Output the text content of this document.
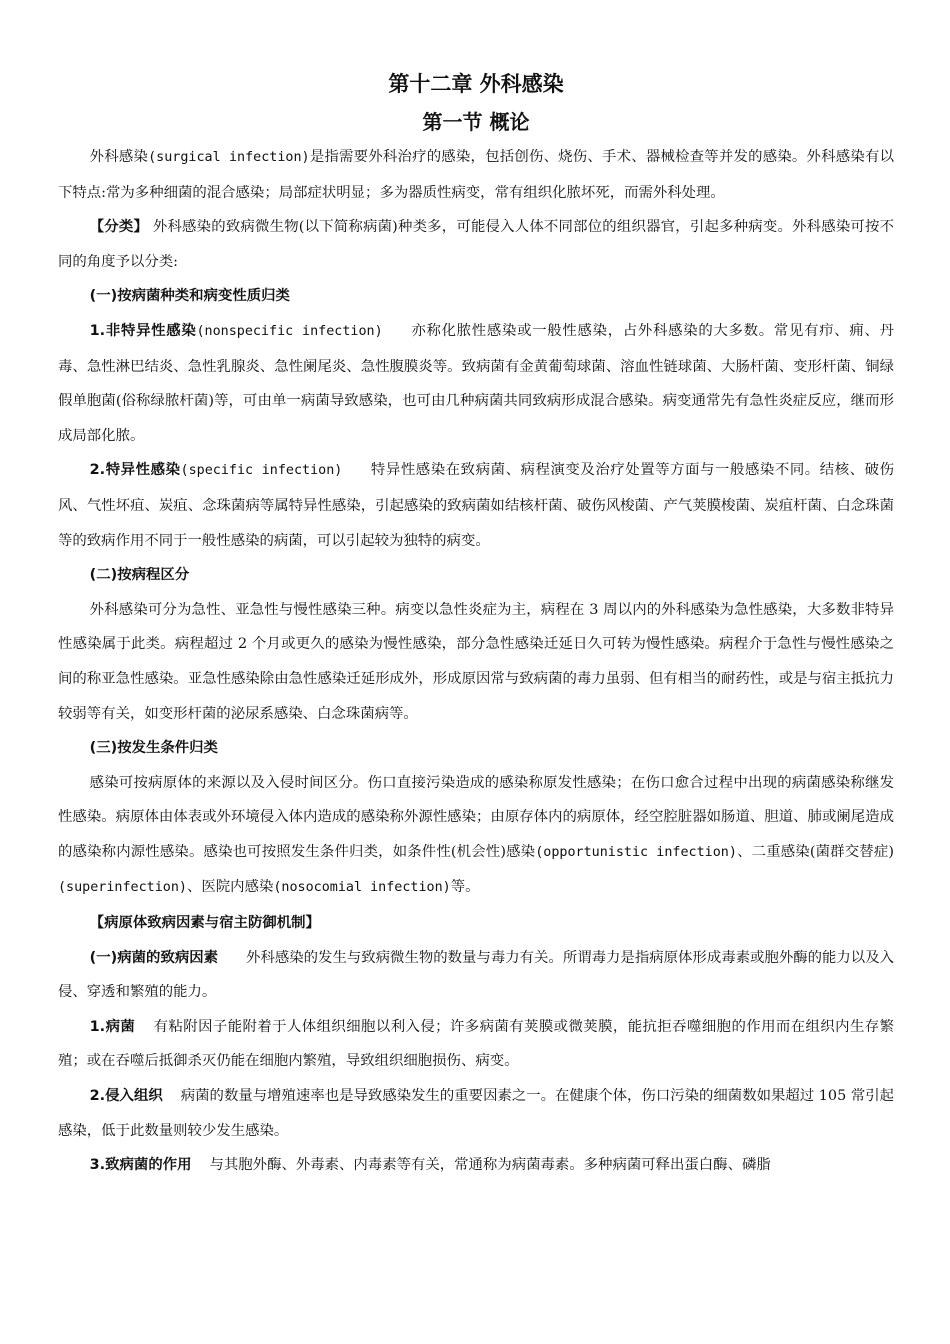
第十二章 外科感染
第一节 概论

外科感染(surgical infection)是指需要外科治疗的感染，包括创伤、烧伤、手术、器械检查等并发的感染。外科感染有以下特点:常为多种细菌的混合感染；局部症状明显；多为器质性病变，常有组织化脓坏死，而需外科处理。

【分类】 外科感染的致病微生物(以下简称病菌)种类多，可能侵入人体不同部位的组织器官，引起多种病变。外科感染可按不同的角度予以分类:

(一)按病菌种类和病变性质归类

1.非特异性感染(nonspecific infection) 亦称化脓性感染或一般性感染，占外科感染的大多数。常见有疖、痈、丹毒、急性淋巴结炎、急性乳腺炎、急性阑尾炎、急性腹膜炎等。致病菌有金黄葡萄球菌、溶血性链球菌、大肠杆菌、变形杆菌、铜绿假单胞菌(俗称绿脓杆菌)等，可由单一病菌导致感染，也可由几种病菌共同致病形成混合感染。病变通常先有急性炎症反应，继而形成局部化脓。

2.特异性感染(specific infection) 特异性感染在致病菌、病程演变及治疗处置等方面与一般感染不同。结核、破伤风、气性坏疽、炭疽、念珠菌病等属特异性感染，引起感染的致病菌如结核杆菌、破伤风梭菌、产气荚膜梭菌、炭疽杆菌、白念珠菌等的致病作用不同于一般性感染的病菌，可以引起较为独特的病变。

(二)按病程区分

外科感染可分为急性、亚急性与慢性感染三种。病变以急性炎症为主，病程在 3 周以内的外科感染为急性感染，大多数非特异性感染属于此类。病程超过 2 个月或更久的感染为慢性感染，部分急性感染迁延日久可转为慢性感染。病程介于急性与慢性感染之间的称亚急性感染。亚急性感染除由急性感染迁延形成外，形成原因常与致病菌的毒力虽弱、但有相当的耐药性，或是与宿主抵抗力较弱等有关，如变形杆菌的泌尿系感染、白念珠菌病等。

(三)按发生条件归类

感染可按病原体的来源以及入侵时间区分。伤口直接污染造成的感染称原发性感染；在伤口愈合过程中出现的病菌感染称继发性感染。病原体由体表或外环境侵入体内造成的感染称外源性感染；由原存体内的病原体，经空腔脏器如肠道、胆道、肺或阑尾造成的感染称内源性感染。感染也可按照发生条件归类，如条件性(机会性)感染(opportunistic infection)、二重感染(菌群交替症)(superinfection)、医院内感染(nosocomial infection)等。

【病原体致病因素与宿主防御机制】

(一)病菌的致病因素 外科感染的发生与致病微生物的数量与毒力有关。所谓毒力是指病原体形成毒素或胞外酶的能力以及入侵、穿透和繁殖的能力。

1.病菌 有粘附因子能附着于人体组织细胞以利入侵；许多病菌有荚膜或微荚膜，能抗拒吞噬细胞的作用而在组织内生存繁殖；或在吞噬后抵御杀灭仍能在细胞内繁殖，导致组织细胞损伤、病变。

2.侵入组织 病菌的数量与增殖速率也是导致感染发生的重要因素之一。在健康个体，伤口污染的细菌数如果超过 105 常引起感染，低于此数量则较少发生感染。

3.致病菌的作用 与其胞外酶、外毒素、内毒素等有关，常通称为病菌毒素。多种病菌可释出蛋白酶、磷脂
